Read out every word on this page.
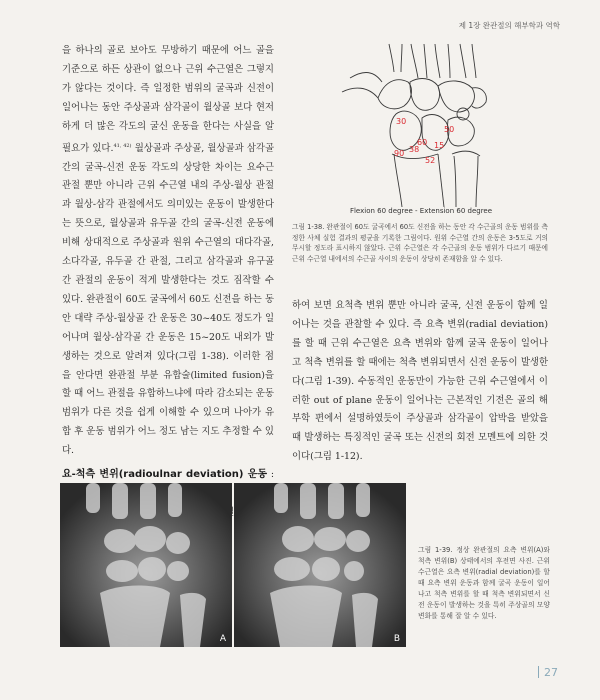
제 1장 완관절의 해부학과 역학

을 하나의 골로 보아도 무방하기 때문에 어느 골을 기준으로 하든 상관이 없으나 근위 수근열은 그렇지가 않다는 것이다. 즉 일정한 범위의 굴곡과 신전이 일어나는 동안 주상골과 삼각골이 월상골 보다 현저하게 더 많은 각도의 굴신 운동을 한다는 사실을 알 필요가 있다.$^{41, 42)}$ 월상골과 주상골, 월상골과 삼각골 간의 굴곡-신전 운동 각도의 상당한 차이는 요수근 관절 뿐만 아니라 근위 수근열 내의 주상-월상 관절과 월상-삼각 관절에서도 의미있는 운동이 발생한다는 뜻으로, 월상골과 유두골 간의 굴곡-신전 운동에 비해 상대적으로 주상골과 원위 수근열의 대다각골, 소다각골, 유두골 간 관절, 그리고 삼각골과 유구골 간 관절의 운동이 적게 발생한다는 것도 짐작할 수 있다. 완관절이 60도 굴곡에서 60도 신전을 하는 동안 대략 주상-월상골 간 운동은 30~40도 정도가 일어나며 월상-삼각골 간 운동은 15~20도 내외가 발생하는 것으로 알려져 있다(그림 1-38). 이러한 점을 안다면 완관절 부분 유합술(limited fusion)을 할 때 어느 관절을 유합하느냐에 따라 감소되는 운동 범위가 다른 것을 쉽게 이해할 수 있으며 나아가 유합 후 운동 범위가 어느 정도 남는 지도 추정할 수 있다.

요-척측 변위(radioulnar deviation) 운동 :

30
50
15
60
90 38
52
Flexion 60 degree - Extension 60 degree

그림 1-38. 완관절이 60도 굴곡에서 60도 신전을 하는 동안 각 수근골의 운동 범위를 측정한 사체 실험 결과의 평균을 기록한 그림이다. 원위 수근열 간의 운동은 3-5도로 거의 무시할 정도라 표시하지 않았다. 근위 수근열은 각 수근골의 운동 범위가 다르기 때문에 근위 수근열 내에서의 수근골 사이의 운동이 상당히 존재함을 알 수 있다.

하여 보면 요척측 변위 뿐만 아니라 굴곡, 신전 운동이 함께 일어나는 것을 관찰할 수 있다. 즉 요측 변위(radial deviation)를 할 때 근위 수근열은 요측 변위와 함께 굴곡 운동이 일어나고 척측 변위를 할 때에는 척측 변위되면서 신전 운동이 발생한다(그림 1-39). 수동적인 운동만이 가능한 근위 수근열에서 이러한 out of plane 운동이 일어나는 근본적인 기전은 골의 해부학 편에서 설명하였듯이 주상골과 삼각골이 압박을 받았을 때 발생하는 특징적인 굴곡 또는 신전의 회전 모멘트에 의한 것이다(그림 1-12).

A	B

그림 1-39. 정상 완관절의 요측 변위(A)와 척측 변위(B) 상태에서의 후전면 사진. 근위 수근열은 요측 변위(radial deviation)를 할 때 요측 변위 운동과 함께 굴곡 운동이 일어나고 척측 변위를 할 때 척측 변위되면서 신전 운동이 발생하는 것을 특히 주상골의 모양 변화를 통해 잘 알 수 있다.

27
